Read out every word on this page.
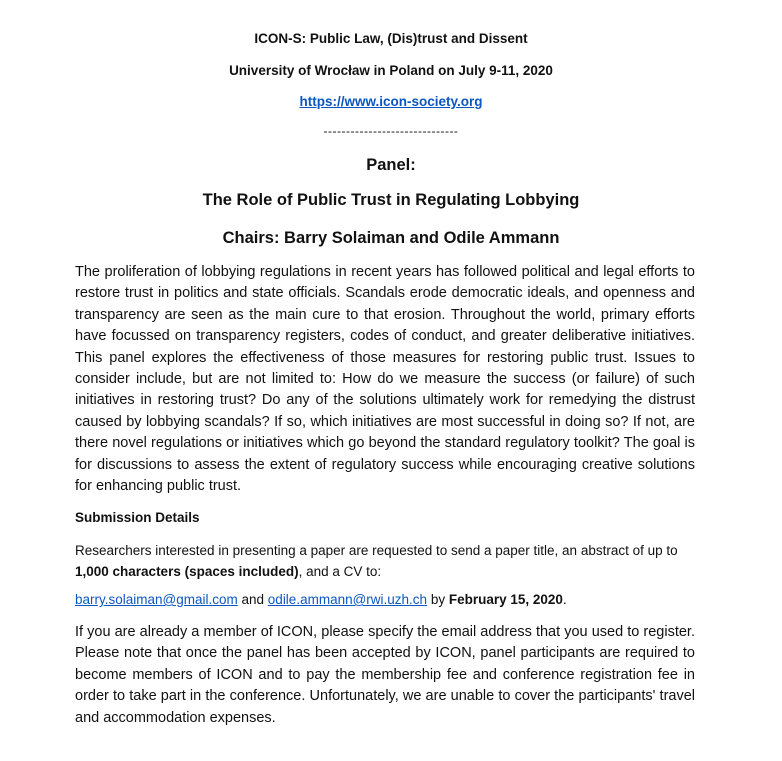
ICON-S: Public Law, (Dis)trust and Dissent
University of Wrocław in Poland on July 9-11, 2020
https://www.icon-society.org
------------------------------
Panel:
The Role of Public Trust in Regulating Lobbying
Chairs: Barry Solaiman and Odile Ammann
The proliferation of lobbying regulations in recent years has followed political and legal efforts to restore trust in politics and state officials. Scandals erode democratic ideals, and openness and transparency are seen as the main cure to that erosion. Throughout the world, primary efforts have focussed on transparency registers, codes of conduct, and greater deliberative initiatives. This panel explores the effectiveness of those measures for restoring public trust. Issues to consider include, but are not limited to: How do we measure the success (or failure) of such initiatives in restoring trust? Do any of the solutions ultimately work for remedying the distrust caused by lobbying scandals? If so, which initiatives are most successful in doing so? If not, are there novel regulations or initiatives which go beyond the standard regulatory toolkit? The goal is for discussions to assess the extent of regulatory success while encouraging creative solutions for enhancing public trust.
Submission Details
Researchers interested in presenting a paper are requested to send a paper title, an abstract of up to 1,000 characters (spaces included), and a CV to:
barry.solaiman@gmail.com and odile.ammann@rwi.uzh.ch by February 15, 2020.
If you are already a member of ICON, please specify the email address that you used to register. Please note that once the panel has been accepted by ICON, panel participants are required to become members of ICON and to pay the membership fee and conference registration fee in order to take part in the conference. Unfortunately, we are unable to cover the participants' travel and accommodation expenses.
